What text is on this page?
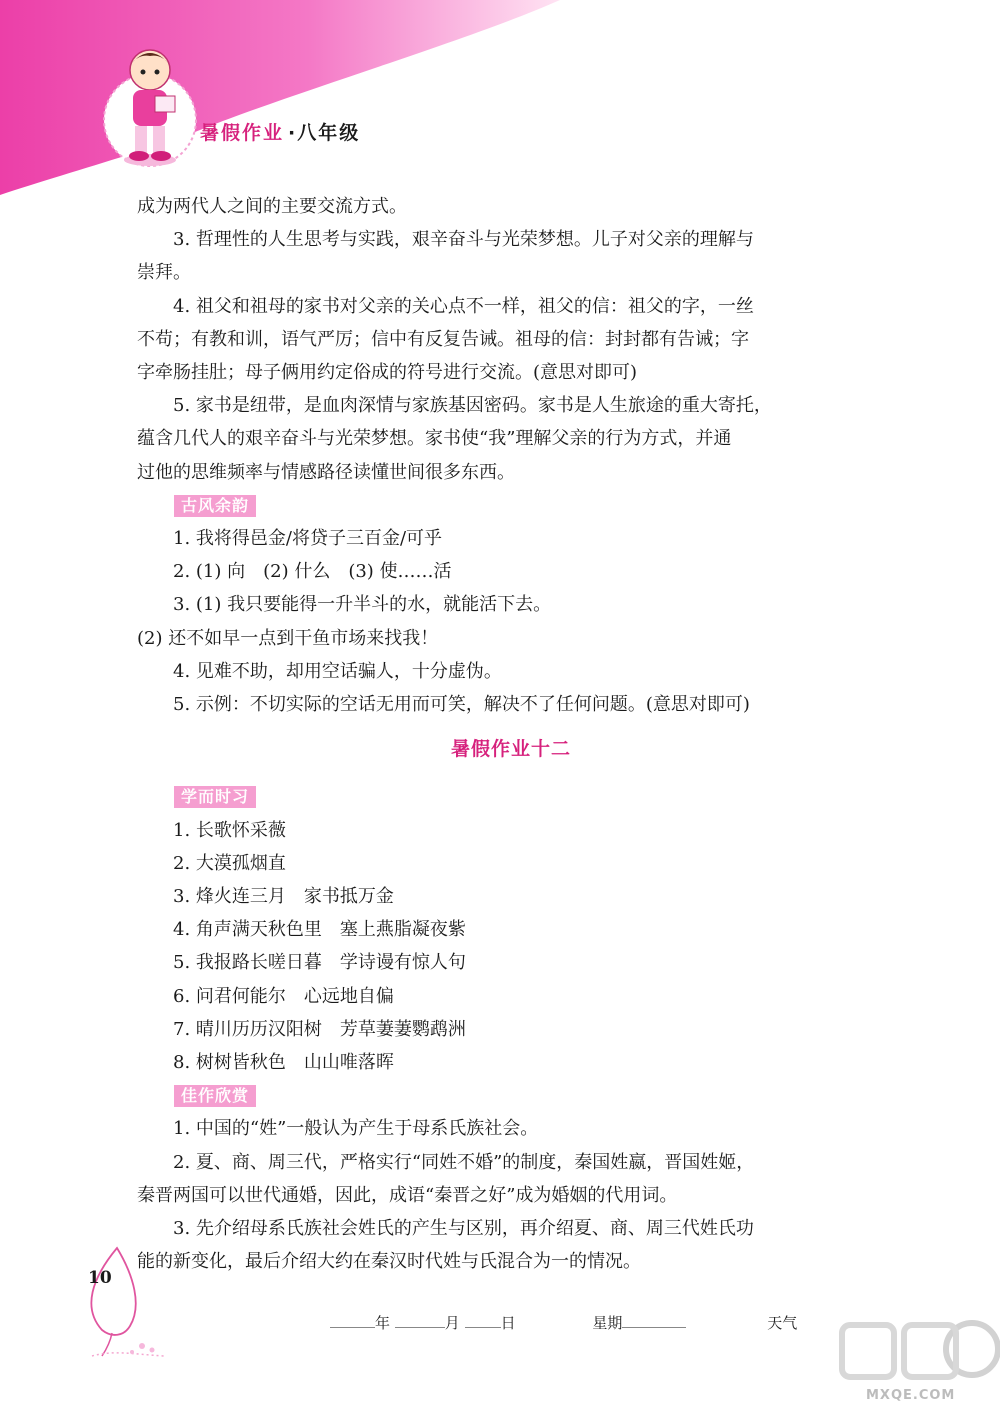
暑假作业 ·八年级

成为两代人之间的主要交流方式。

3. 哲理性的人生思考与实践，艰辛奋斗与光荣梦想。儿子对父亲的理解与

崇拜。

4. 祖父和祖母的家书对父亲的关心点不一样，祖父的信：祖父的字，一丝

不苟；有教和训，语气严厉；信中有反复告诫。祖母的信：封封都有告诫；字

字牵肠挂肚；母子俩用约定俗成的符号进行交流。(意思对即可)

5. 家书是纽带，是血肉深情与家族基因密码。家书是人生旅途的重大寄托，

蕴含几代人的艰辛奋斗与光荣梦想。家书使“我”理解父亲的行为方式，并通

过他的思维频率与情感路径读懂世间很多东西。

古风余韵

1. 我将得邑金/将贷子三百金/可乎

2. (1) 向　(2) 什么　(3) 使……活

3. (1) 我只要能得一升半斗的水，就能活下去。

(2) 还不如早一点到干鱼市场来找我！

4. 见难不助，却用空话骗人，十分虚伪。

5. 示例：不切实际的空话无用而可笑，解决不了任何问题。(意思对即可)

暑假作业十二
学而时习

1. 长歌怀采薇

2. 大漠孤烟直

3. 烽火连三月　家书抵万金

4. 角声满天秋色里　塞上燕脂凝夜紫

5. 我报路长嗟日暮　学诗谩有惊人句

6. 问君何能尔　心远地自偏

7. 晴川历历汉阳树　芳草萋萋鹦鹉洲

8. 树树皆秋色　山山唯落晖

佳作欣赏

1. 中国的“姓”一般认为产生于母系氏族社会。

2. 夏、商、周三代，严格实行“同姓不婚”的制度，秦国姓嬴，晋国姓姬，

秦晋两国可以世代通婚，因此，成语“秦晋之好”成为婚姻的代用词。

3. 先介绍母系氏族社会姓氏的产生与区别，再介绍夏、商、周三代姓氏功

能的新变化，最后介绍大约在秦汉时代姓与氏混合为一的情况。

10
年	月	日	星期	天气
MXQE.COM
